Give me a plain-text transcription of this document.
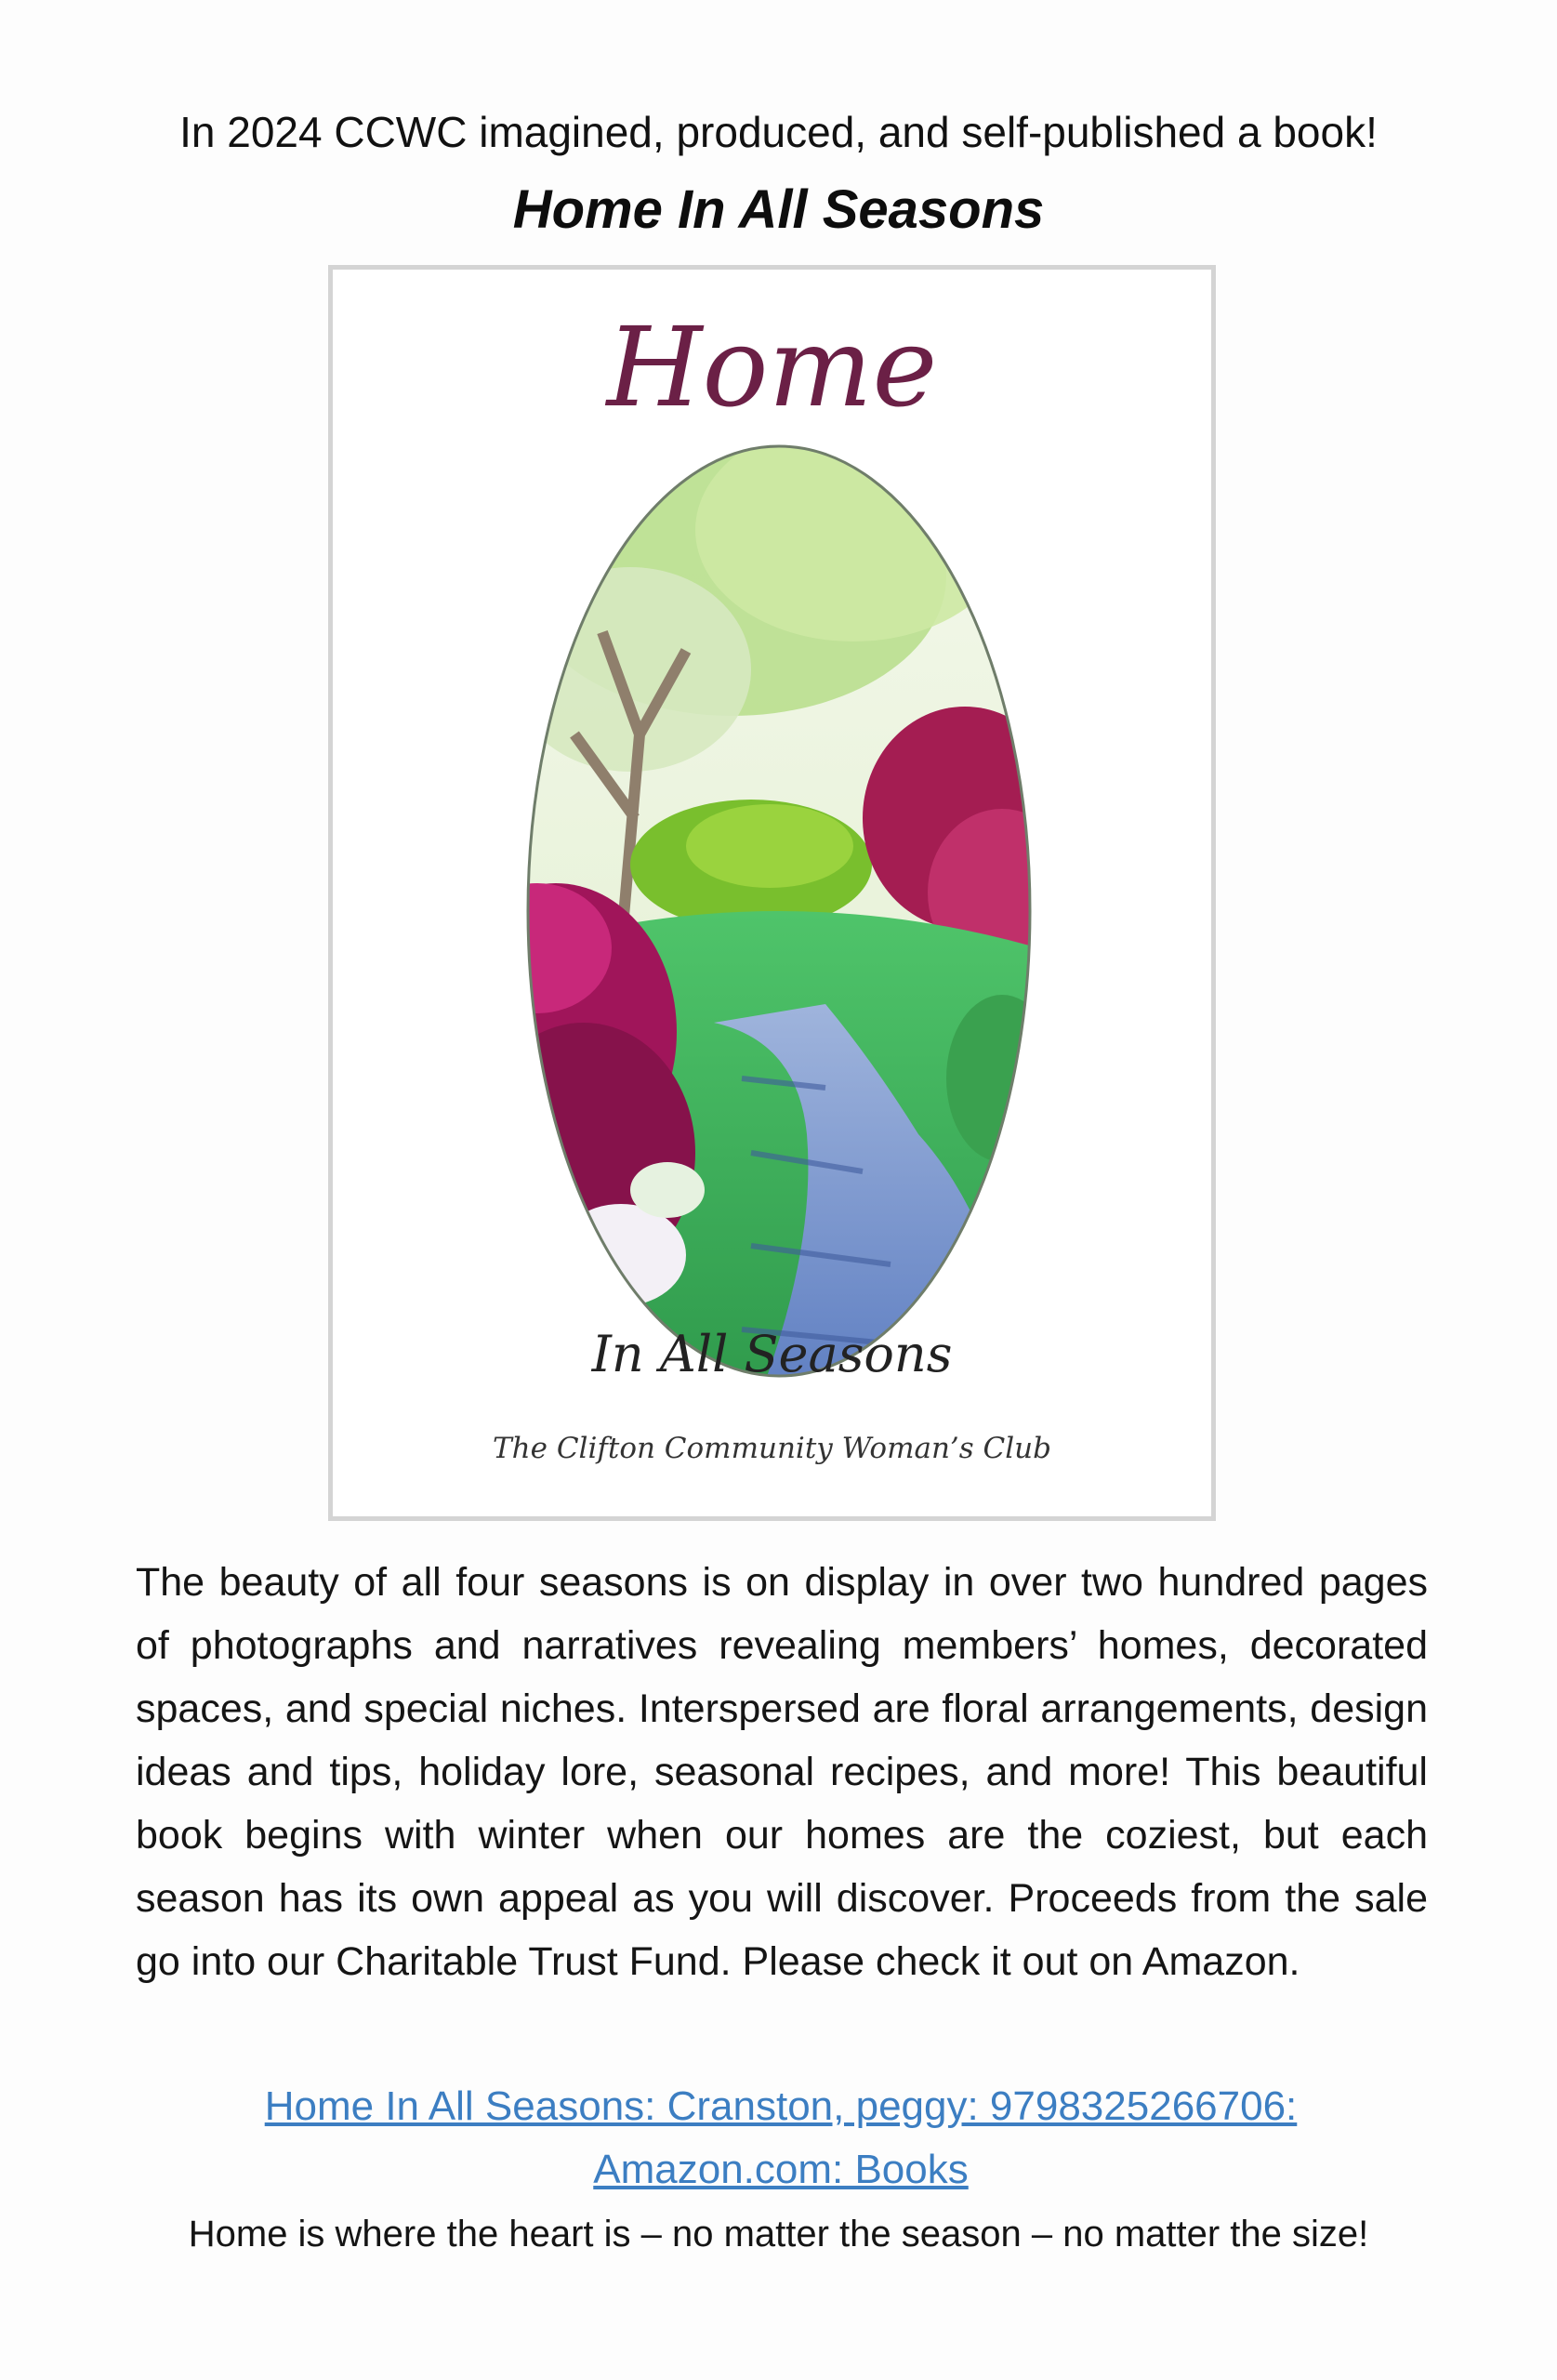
In 2024 CCWC imagined, produced, and self-published a book!
Home In All Seasons
Home
In All Seasons
The Clifton Community Woman’s Club
The beauty of all four seasons is on display in over two hundred pages of photographs and narratives revealing members’ homes, decorated spaces, and special niches. Interspersed are floral arrangements, design ideas and tips, holiday lore, seasonal recipes, and more! This beautiful book begins with winter when our homes are the coziest, but each season has its own appeal as you will discover. Proceeds from the sale go into our Charitable Trust Fund. Please check it out on Amazon.
Home In All Seasons: Cranston, peggy: 9798325266706: Amazon.com: Books
Home is where the heart is – no matter the season – no matter the size!
